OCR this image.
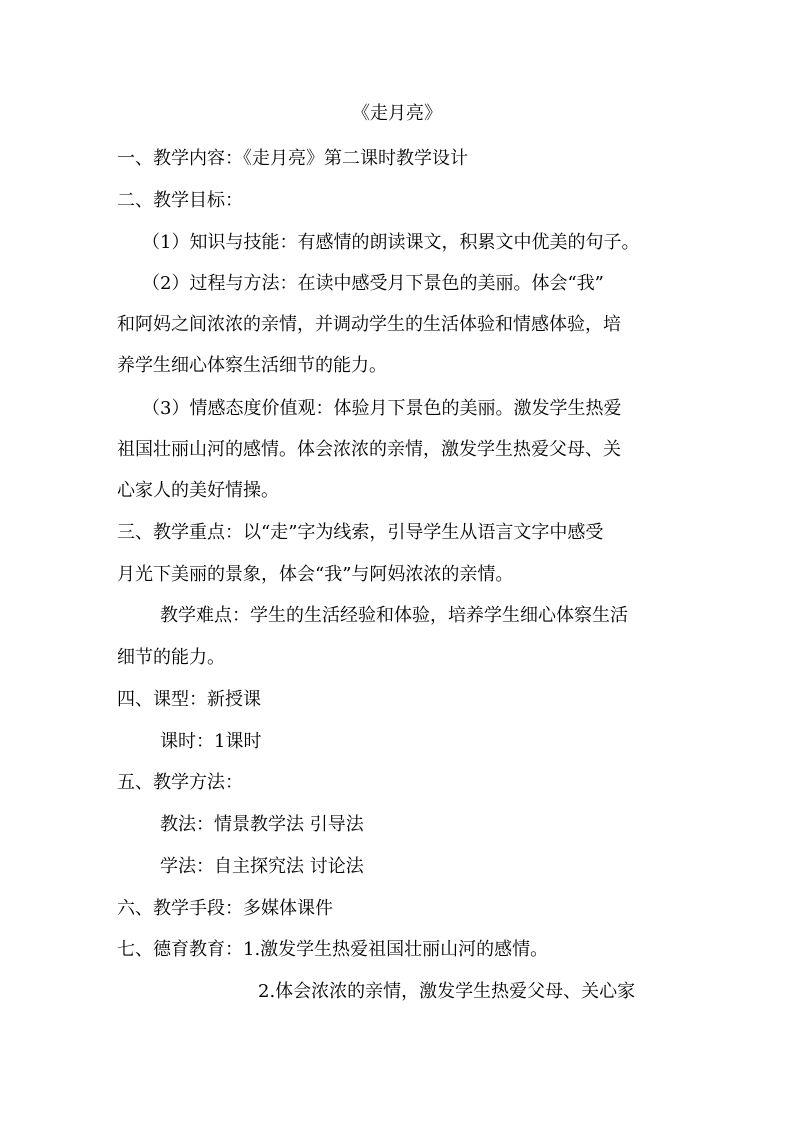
《走月亮》
一、教学内容：《走月亮》第二课时教学设计
二、教学目标：
（1）知识与技能：有感情的朗读课文，积累文中优美的句子。
（2）过程与方法：在读中感受月下景色的美丽。体会“我”
和阿妈之间浓浓的亲情，并调动学生的生活体验和情感体验，培
养学生细心体察生活细节的能力。
（3）情感态度价值观：体验月下景色的美丽。激发学生热爱
祖国壮丽山河的感情。体会浓浓的亲情，激发学生热爱父母、关
心家人的美好情操。
三、教学重点：以“走”字为线索，引导学生从语言文字中感受
月光下美丽的景象，体会“我”与阿妈浓浓的亲情。
教学难点：学生的生活经验和体验，培养学生细心体察生活
细节的能力。
四、课型：新授课
课时：1课时
五、教学方法：
教法：情景教学法 引导法
学法：自主探究法 讨论法
六、教学手段：多媒体课件
七、德育教育：1.激发学生热爱祖国壮丽山河的感情。
2.体会浓浓的亲情，激发学生热爱父母、关心家
